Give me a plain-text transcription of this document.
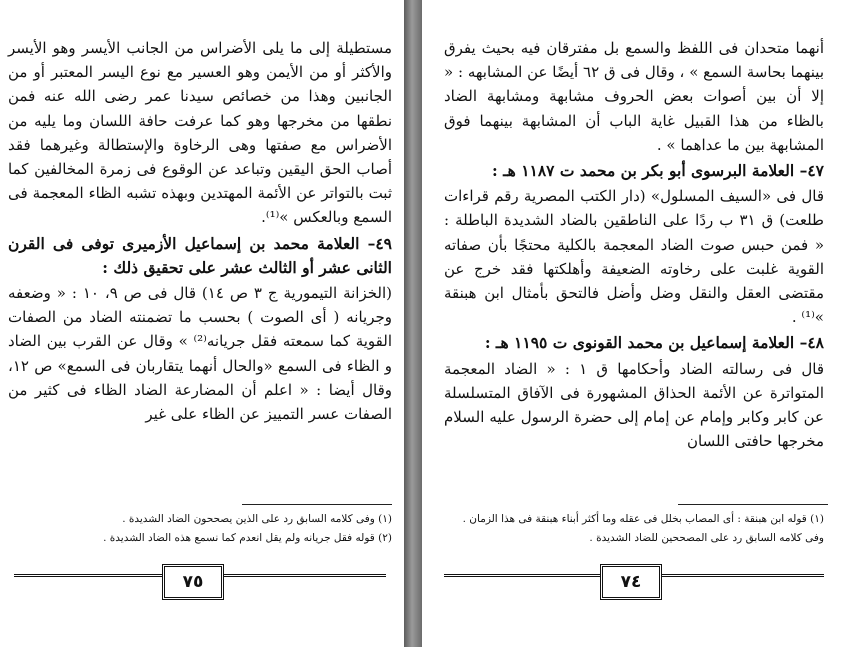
مستطيلة إلى ما يلى الأضراس من الجانب الأيسر وهو الأيسر والأكثر أو من الأيمن وهو العسير مع نوع اليسر المعتبر أو من الجانبين وهذا من خصائص سيدنا عمر رضى الله عنه فمن نطقها من مخرجها وهو كما عرفت حافة اللسان وما يليه من الأضراس مع صفتها وهى الرخاوة والإستطالة وغيرهما فقد أصاب الحق اليقين وتباعد عن الوقوع فى زمرة المخالفين كما ثبت بالتواتر عن الأئمة المهتدين وبهذه تشبه الظاء المعجمة فى السمع وبالعكس »⁽¹⁾.

٤٩– العلامة محمد بن إسماعيل الأزميرى توفى فى القرن الثانى عشر أو الثالث عشر على تحقيق ذلك :

(الخزانة التيمورية ج ٣ ص ١٤) قال فى ص ٩، ١٠ : « وضعفه وجريانه ( أى الصوت ) بحسب ما تضمنته الضاد من الصفات القوية كما سمعته فقل جريانه⁽²⁾ » وقال عن القرب بين الضاد و الظاء فى السمع «والحال أنهما يتقاربان فى السمع» ص ١٢، وقال أيضا : « اعلم أن المضارعة الضاد الظاء فى كثير من الصفات عسر التمييز عن الظاء على غير

(١) وفى كلامه السابق رد على الذين يصححون الضاد الشديدة .
(٢) قوله فقل جريانه ولم يقل انعدم كما نسمع هذه الضاد الشديدة .
٧٥

أنهما متحدان فى اللفظ والسمع بل مفترقان فيه بحيث يفرق بينهما بحاسة السمع » ، وقال فى ق ٦٢ أيضًا عن المشابهه : « إلا أن بين أصوات بعض الحروف مشابهة ومشابهة الضاد بالظاء من هذا القبيل غاية الباب أن المشابهة بينهما فوق المشابهة بين ما عداهما » .

٤٧– العلامة البرسوى أبو بكر بن محمد ت ١١٨٧ هـ :

قال فى «السيف المسلول» (دار الكتب المصرية رقم قراءات طلعت) ق ٣١ ب ردًا على الناطقين بالضاد الشديدة الباطلة : « فمن حبس صوت الضاد المعجمة بالكلية محتجًا بأن صفاته القوية غلبت على رخاوته الضعيفة وأهلكتها فقد خرج عن مقتضى العقل والنقل وضل وأضل فالتحق بأمثال ابن هبنقة »⁽¹⁾ .

٤٨– العلامة إسماعيل بن محمد القونوى ت ١١٩٥ هـ :

قال فى رسالته الضاد وأحكامها ق ١ : « الضاد المعجمة المتواترة عن الأئمة الحذاق المشهورة فى الآفاق المتسلسلة عن كابر وكابر وإمام عن إمام إلى حضرة الرسول عليه السلام مخرجها حافتى اللسان

(١) قوله ابن هبنقة : أى المصاب بخلل فى عقله وما أكثر أبناء هبنقة فى هذا الزمان . وفى كلامه السابق رد على المصححين للضاد الشديدة .
٧٤
